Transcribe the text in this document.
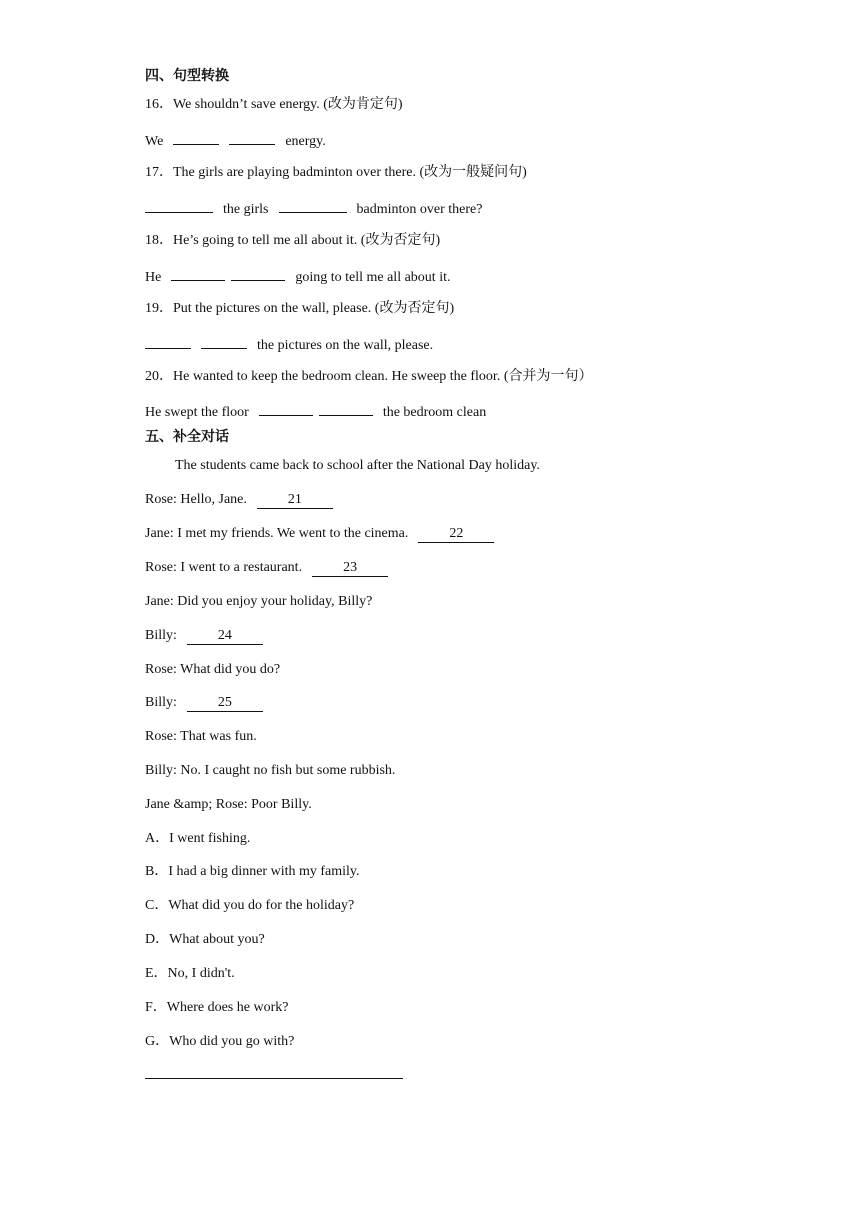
四、句型转换
16．We shouldn’t save energy. (改为肯定句)
We	energy.
17．The girls are playing badminton over there. (改为一般疑问句)
the girls	badminton over there?
18．He’s going to tell me all about it. (改为否定句)
He	going to tell me all about it.
19．Put the pictures on the wall, please. (改为否定句)
the pictures on the wall, please.
20．He wanted to keep the bedroom clean. He sweep the floor. (合并为一句）
He swept the floor	the bedroom clean
五、补全对话
The students came back to school after the National Day holiday.
Rose: Hello, Jane.	21
Jane: I met my friends. We went to the cinema.	22
Rose: I went to a restaurant.	23
Jane: Did you enjoy your holiday, Billy?
Billy:	24
Rose: What did you do?
Billy:	25
Rose: That was fun.
Billy: No. I caught no fish but some rubbish.
Jane &amp; Rose: Poor Billy.
A．I went fishing.
B．I had a big dinner with my family.
C．What did you do for the holiday?
D．What about you?
E．No, I didn't.
F．Where does he work?
G．Who did you go with?
